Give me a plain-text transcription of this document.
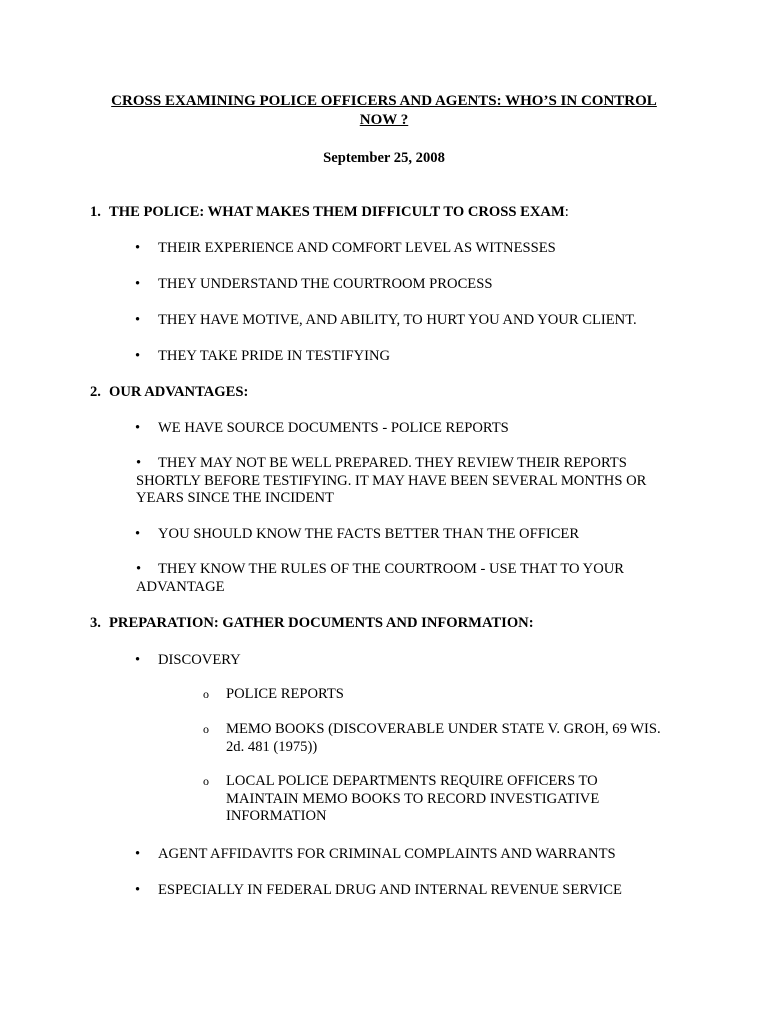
CROSS EXAMINING POLICE OFFICERS AND AGENTS: WHO’S IN CONTROL NOW ?
September 25, 2008
1. THE POLICE: WHAT MAKES THEM DIFFICULT TO CROSS EXAM:
• THEIR EXPERIENCE AND COMFORT LEVEL AS WITNESSES
• THEY UNDERSTAND THE COURTROOM PROCESS
• THEY HAVE MOTIVE, AND ABILITY, TO HURT YOU AND YOUR CLIENT.
• THEY TAKE PRIDE IN TESTIFYING
2. OUR ADVANTAGES:
• WE HAVE SOURCE DOCUMENTS - POLICE REPORTS
• THEY MAY NOT BE WELL PREPARED. THEY REVIEW THEIR REPORTS SHORTLY BEFORE TESTIFYING. IT MAY HAVE BEEN SEVERAL MONTHS OR YEARS SINCE THE INCIDENT
• YOU SHOULD KNOW THE FACTS BETTER THAN THE OFFICER
• THEY KNOW THE RULES OF THE COURTROOM - USE THAT TO YOUR ADVANTAGE
3. PREPARATION: GATHER DOCUMENTS AND INFORMATION:
• DISCOVERY
o POLICE REPORTS
o MEMO BOOKS (DISCOVERABLE UNDER STATE V. GROH, 69 WIS. 2d. 481 (1975))
o LOCAL POLICE DEPARTMENTS REQUIRE OFFICERS TO MAINTAIN MEMO BOOKS TO RECORD INVESTIGATIVE INFORMATION
• AGENT AFFIDAVITS FOR CRIMINAL COMPLAINTS AND WARRANTS
• ESPECIALLY IN FEDERAL DRUG AND INTERNAL REVENUE SERVICE
